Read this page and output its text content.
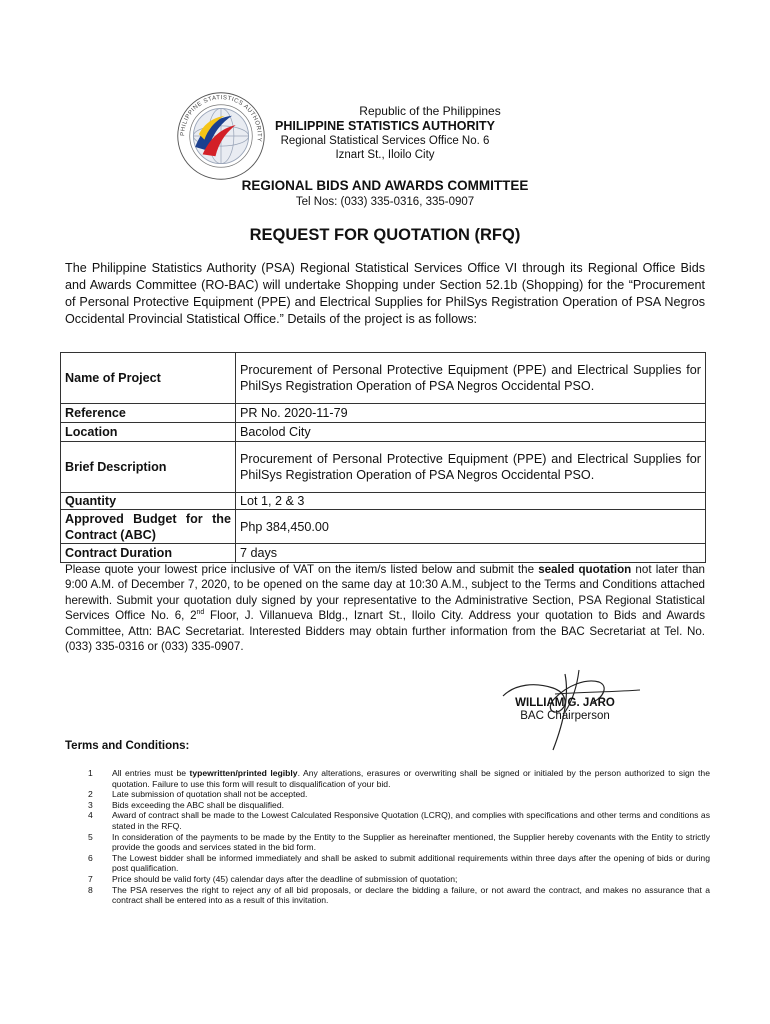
PHILIPPINE STATISTICS AUTHORITY
Republic of the Philippines
PHILIPPINE STATISTICS AUTHORITY
Regional Statistical Services Office No. 6
Iznart St., Iloilo City
REGIONAL BIDS AND AWARDS COMMITTEE
Tel Nos: (033) 335-0316, 335-0907
REQUEST FOR QUOTATION (RFQ)
The Philippine Statistics Authority (PSA) Regional Statistical Services Office VI through its Regional Office Bids and Awards Committee (RO-BAC) will undertake Shopping under Section 52.1b (Shopping) for the “Procurement of Personal Protective Equipment (PPE) and Electrical Supplies for PhilSys Registration Operation of PSA Negros Occidental Provincial Statistical Office.” Details of the project is as follows:
Name of Project	Procurement of Personal Protective Equipment (PPE) and Electrical Supplies for PhilSys Registration Operation of PSA Negros Occidental PSO.
Reference	PR No. 2020-11-79
Location	Bacolod City
Brief Description	Procurement of Personal Protective Equipment (PPE) and Electrical Supplies for PhilSys Registration Operation of PSA Negros Occidental PSO.
Quantity	Lot 1, 2 & 3
Approved Budget for the Contract (ABC)	Php 384,450.00
Contract Duration	7 days
Please quote your lowest price inclusive of VAT on the item/s listed below and submit the sealed quotation not later than 9:00 A.M. of December 7, 2020, to be opened on the same day at 10:30 A.M., subject to the Terms and Conditions attached herewith. Submit your quotation duly signed by your representative to the Administrative Section, PSA Regional Statistical Services Office No. 6, 2nd Floor, J. Villanueva Bldg., Iznart St., Iloilo City. Address your quotation to Bids and Awards Committee, Attn: BAC Secretariat. Interested Bidders may obtain further information from the BAC Secretariat at Tel. No.(033) 335-0316 or (033) 335-0907.
WILLIAM G. JARO
BAC Chairperson
Terms and Conditions:
1	All entries must be typewritten/printed legibly. Any alterations, erasures or overwriting shall be signed or initialed by the person authorized to sign the quotation. Failure to use this form will result to disqualification of your bid.
2	Late submission of quotation shall not be accepted.
3	Bids exceeding the ABC shall be disqualified.
4	Award of contract shall be made to the Lowest Calculated Responsive Quotation (LCRQ), and complies with specifications and other terms and conditions as stated in the RFQ.
5	In consideration of the payments to be made by the Entity to the Supplier as hereinafter mentioned, the Supplier hereby covenants with the Entity to strictly provide the goods and services stated in the bid form.
6	The Lowest bidder shall be informed immediately and shall be asked to submit additional requirements within three days after the opening of bids or during post qualification.
7	Price should be valid forty (45) calendar days after the deadline of submission of quotation;
8	The PSA reserves the right to reject any of all bid proposals, or declare the bidding a failure, or not award the contract, and makes no assurance that a contract shall be entered into as a result of this invitation.
